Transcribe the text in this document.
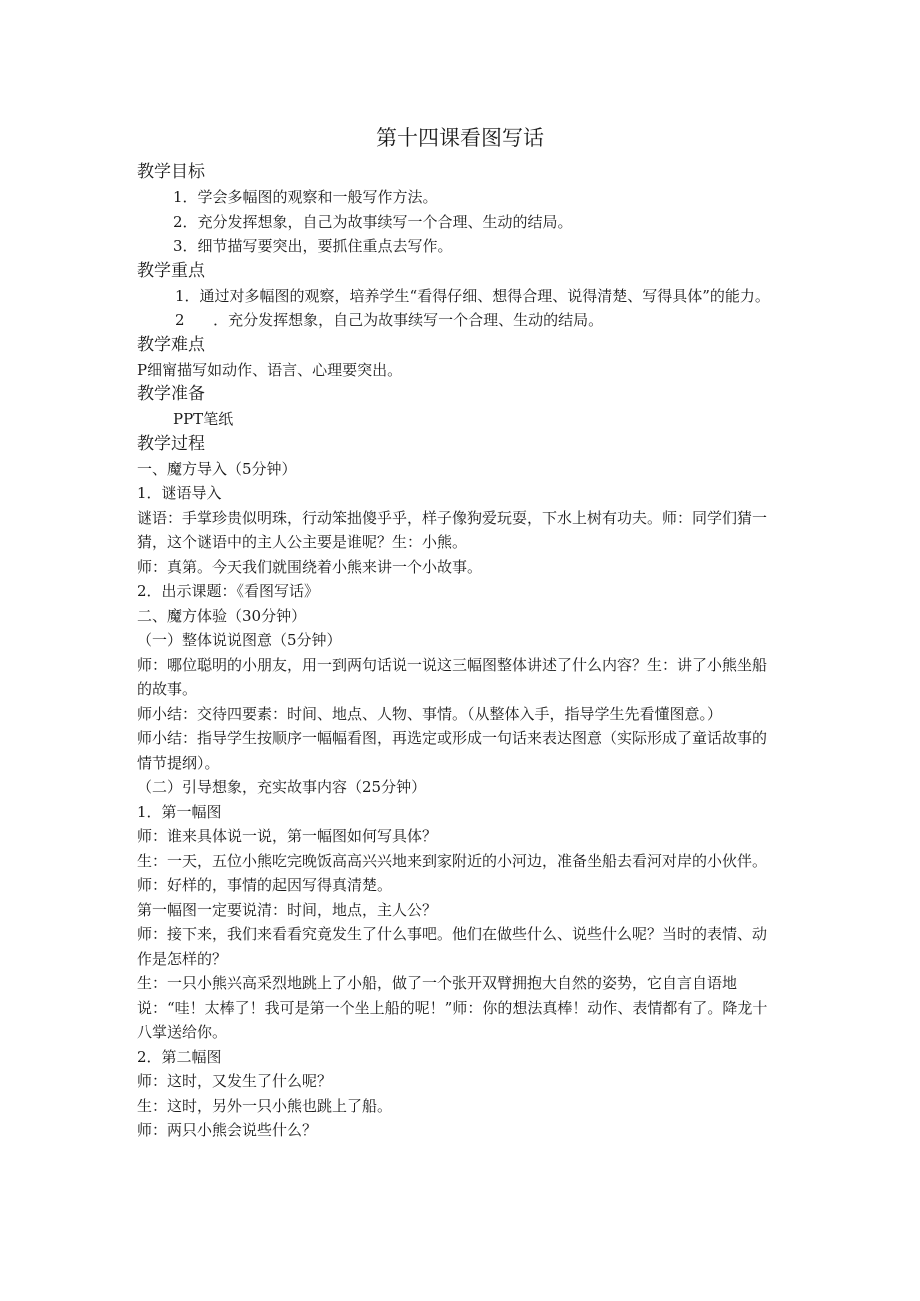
第十四课看图写话

教学目标

1．学会多幅图的观察和一般写作方法。

2．充分发挥想象，自己为故事续写一个合理、生动的结局。

3．细节描写要突出，要抓住重点去写作。

教学重点

1．通过对多幅图的观察，培养学生“看得仔细、想得合理、说得清楚、写得具体”的能力。

2      ．充分发挥想象，自己为故事续写一个合理、生动的结局。

教学难点

P细甯描写如动作、语言、心理要突出。

教学准备

PPT笔纸

教学过程

一、魔方导入（5分钟）

1．谜语导入

谜语：手掌珍贵似明珠，行动笨拙傻乎乎，样子像狗爱玩耍，下水上树有功夫。师：同学们猜一猜，这个谜语中的主人公主要是谁呢？生：小熊。

师：真第。今天我们就围绕着小熊来讲一个小故事。

2．出示课题：《看图写话》

二、魔方体验（30分钟）

（一）整体说说图意（5分钟）

师：哪位聪明的小朋友，用一到两句话说一说这三幅图整体讲述了什么内容？生：讲了小熊坐船的故事。

师小结：交待四要素：时间、地点、人物、事情。（从整体入手，指导学生先看懂图意。）

师小结：指导学生按顺序一幅幅看图，再选定或形成一句话来表达图意（实际形成了童话故事的情节提纲）。

（二）引导想象，充实故事内容（25分钟）

1．第一幅图

师：谁来具体说一说，第一幅图如何写具体？

生：一天，五位小熊吃完晚饭高高兴兴地来到家附近的小河边，准备坐船去看河对岸的小伙伴。

师：好样的，事情的起因写得真清楚。

第一幅图一定要说清：时间，地点，主人公？

师：接下来，我们来看看究竟发生了什么事吧。他们在做些什么、说些什么呢？当时的表情、动作是怎样的？

生：一只小熊兴高采烈地跳上了小船，做了一个张开双臂拥抱大自然的姿势，它自言自语地说：“哇！太棒了！我可是第一个坐上船的呢！”师：你的想法真棒！动作、表情都有了。降龙十八掌送给你。

2．第二幅图

师：这时，又发生了什么呢？

生：这时，另外一只小熊也跳上了船。

师：两只小熊会说些什么？
